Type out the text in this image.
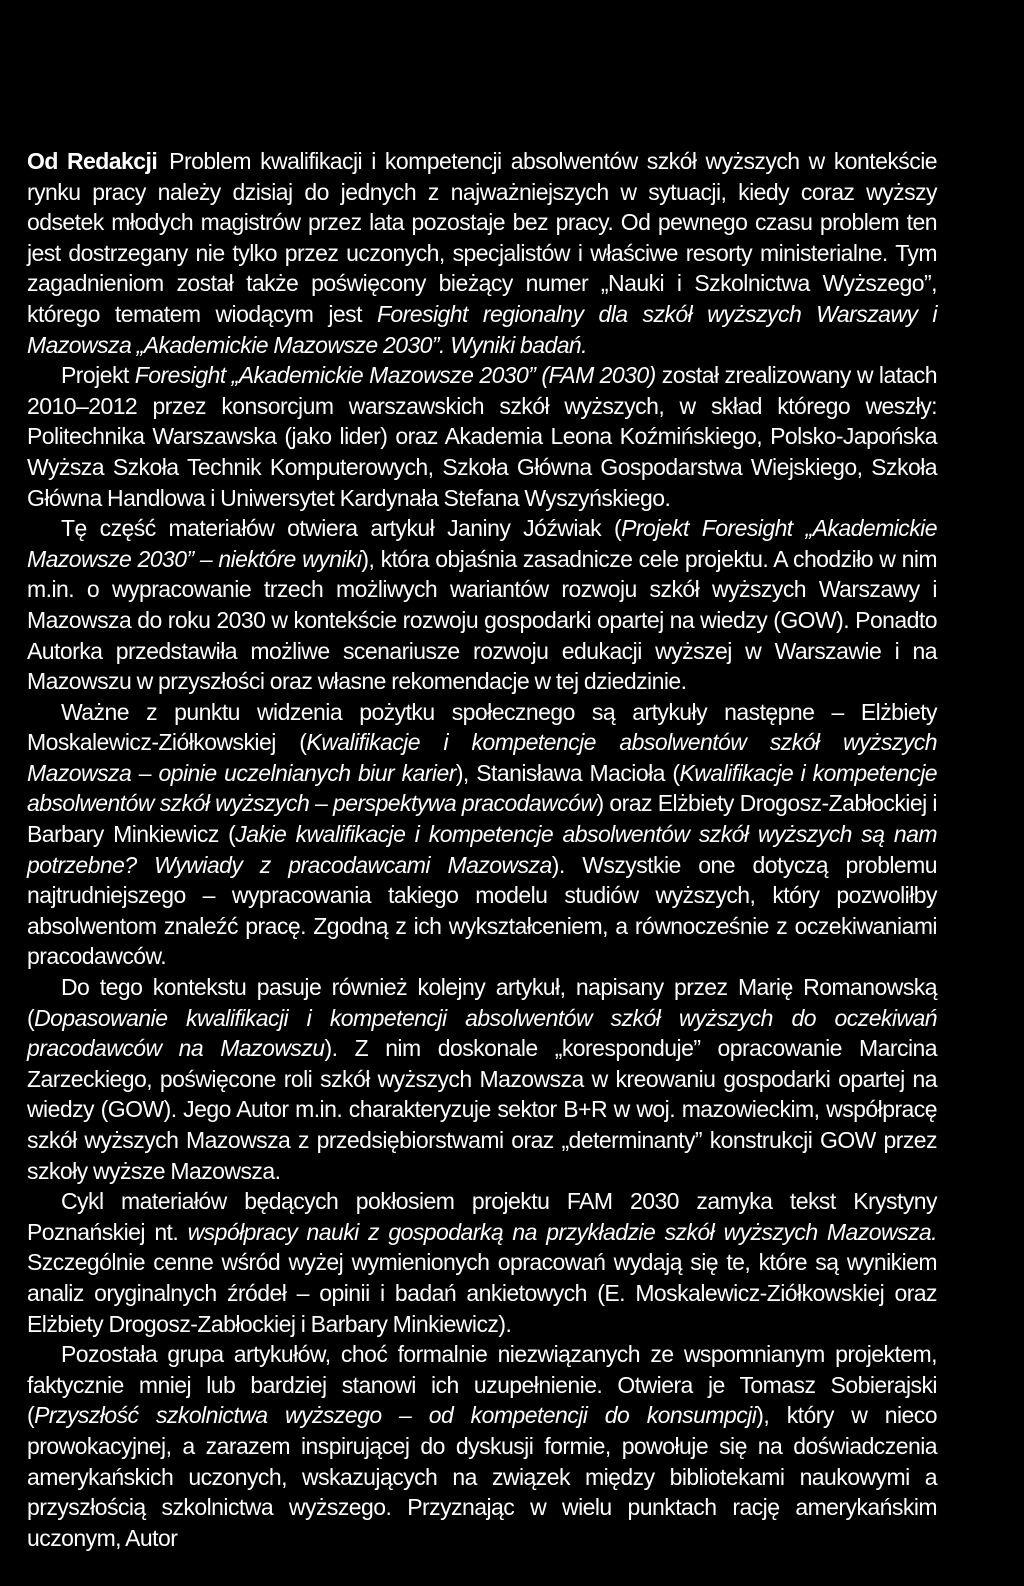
Od Redakcji Problem kwalifikacji i kompetencji absolwentów szkół wyższych w kontekście rynku pracy należy dzisiaj do jednych z najważniejszych w sytuacji, kiedy coraz wyższy odsetek młodych magistrów przez lata pozostaje bez pracy. Od pewnego czasu problem ten jest dostrzegany nie tylko przez uczonych, specjalistów i właściwe resorty ministerialne. Tym zagadnieniom został także poświęcony bieżący numer „Nauki i Szkolnictwa Wyższego”, którego tematem wiodącym jest Foresight regionalny dla szkół wyższych Warszawy i Mazowsza „Akademickie Mazowsze 2030”. Wyniki badań.

Projekt Foresight „Akademickie Mazowsze 2030” (FAM 2030) został zrealizowany w latach 2010–2012 przez konsorcjum warszawskich szkół wyższych, w skład którego weszły: Politechnika Warszawska (jako lider) oraz Akademia Leona Koźmińskiego, Polsko-Japońska Wyższa Szkoła Technik Komputerowych, Szkoła Główna Gospodarstwa Wiejskiego, Szkoła Główna Handlowa i Uniwersytet Kardynała Stefana Wyszyńskiego.

Tę część materiałów otwiera artykuł Janiny Jóźwiak (Projekt Foresight „Akademickie Mazowsze 2030” – niektóre wyniki), która objaśnia zasadnicze cele projektu. A chodziło w nim m.in. o wypracowanie trzech możliwych wariantów rozwoju szkół wyższych Warszawy i Mazowsza do roku 2030 w kontekście rozwoju gospodarki opartej na wiedzy (GOW). Ponadto Autorka przedstawiła możliwe scenariusze rozwoju edukacji wyższej w Warszawie i na Mazowszu w przyszłości oraz własne rekomendacje w tej dziedzinie.

Ważne z punktu widzenia pożytku społecznego są artykuły następne – Elżbiety Moskalewicz-Ziółkowskiej (Kwalifikacje i kompetencje absolwentów szkół wyższych Mazowsza – opinie uczelnianych biur karier), Stanisława Macioła (Kwalifikacje i kompetencje absolwentów szkół wyższych – perspektywa pracodawców) oraz Elżbiety Drogosz-Zabłockiej i Barbary Minkiewicz (Jakie kwalifikacje i kompetencje absolwentów szkół wyższych są nam potrzebne? Wywiady z pracodawcami Mazowsza). Wszystkie one dotyczą problemu najtrudniejszego – wypracowania takiego modelu studiów wyższych, który pozwoliłby absolwentom znaleźć pracę. Zgodną z ich wykształceniem, a równocześnie z oczekiwaniami pracodawców.

Do tego kontekstu pasuje również kolejny artykuł, napisany przez Marię Romanowską (Dopasowanie kwalifikacji i kompetencji absolwentów szkół wyższych do oczekiwań pracodawców na Mazowszu). Z nim doskonale „koresponduje” opracowanie Marcina Zarzeckiego, poświęcone roli szkół wyższych Mazowsza w kreowaniu gospodarki opartej na wiedzy (GOW). Jego Autor m.in. charakteryzuje sektor B+R w woj. mazowieckim, współpracę szkół wyższych Mazowsza z przedsiębiorstwami oraz „determinanty” konstrukcji GOW przez szkoły wyższe Mazowsza.

Cykl materiałów będących pokłosiem projektu FAM 2030 zamyka tekst Krystyny Poznańskiej nt. współpracy nauki z gospodarką na przykładzie szkół wyższych Mazowsza. Szczególnie cenne wśród wyżej wymienionych opracowań wydają się te, które są wynikiem analiz oryginalnych źródeł – opinii i badań ankietowych (E. Moskalewicz-Ziółkowskiej oraz Elżbiety Drogosz-Zabłockiej i Barbary Minkiewicz).

Pozostała grupa artykułów, choć formalnie niezwiązanych ze wspomnianym projektem, faktycznie mniej lub bardziej stanowi ich uzupełnienie. Otwiera je Tomasz Sobierajski (Przyszłość szkolnictwa wyższego – od kompetencji do konsumpcji), który w nieco prowokacyjnej, a zarazem inspirującej do dyskusji formie, powołuje się na doświadczenia amerykańskich uczonych, wskazujących na związek między bibliotekami naukowymi a przyszłością szkolnictwa wyższego. Przyznając w wielu punktach rację amerykańskim uczonym, Autor
